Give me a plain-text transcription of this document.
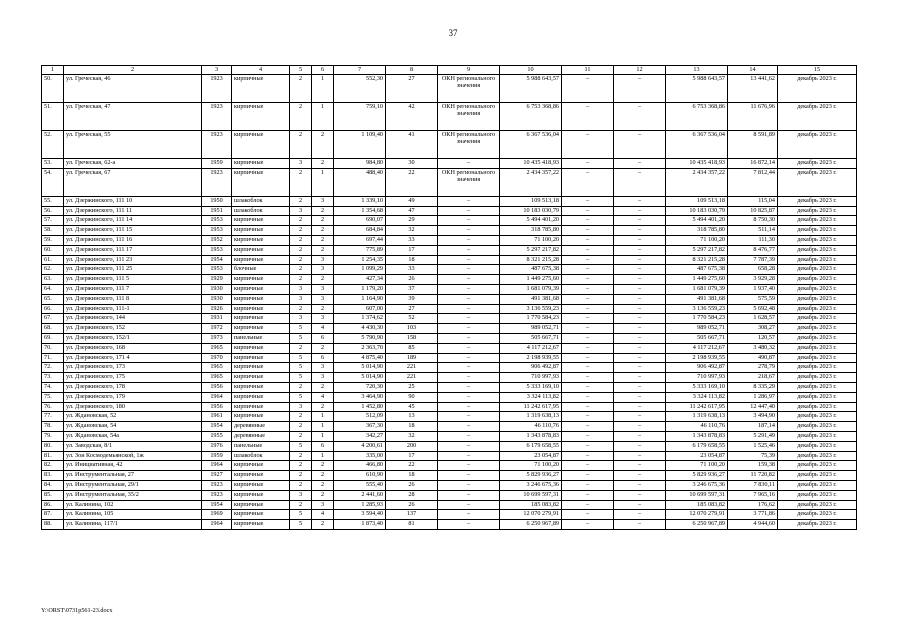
37
1	2	3	4	5	6	7	8	9	10	11	12	13	14	15
50.	ул. Греческая, 46	1923	кирпичные	2	1	552,30	27	ОКН регионального значения	5 988 643,57	–	–	5 988 643,57	13 441,62	декабрь 2023 г.
51.	ул. Греческая, 47	1923	кирпичные	2	1	759,10	42	ОКН регионального значения	6 753 368,86	–	–	6 753 368,86	11 676,96	декабрь 2023 г.
52.	ул. Греческая, 55	1923	кирпичные	2	2	1 109,40	41	ОКН регионального значения	6 367 536,04	–	–	6 367 536,04	8 591,89	декабрь 2023 г.
53.	ул. Греческая, 62-а	1959	кирпичные	3	2	984,80	30	–	10 435 418,93	–	–	10 435 418,93	16 872,14	декабрь 2023 г.
54.	ул. Греческая, 67	1923	кирпичные	2	1	488,40	22	ОКН регионального значения	2 434 357,22	–	–	2 434 357,22	7 812,44	декабрь 2023 г.
55.	ул. Дзержинского, 111 10	1950	шлакоблок	2	3	1 339,10	49	–	109 513,18	–	–	109 513,18	115,04	декабрь 2023 г.
56.	ул. Дзержинского, 111 11	1951	шлакоблок	3	2	1 354,68	47	–	10 183 030,79	–	–	10 183 030,79	10 825,87	декабрь 2023 г.
57.	ул. Дзержинского, 111 14	1953	кирпичные	2	2	690,07	29	–	5 494 401,20	–	–	5 494 401,20	8 750,30	декабрь 2023 г.
58.	ул. Дзержинского, 111 15	1953	кирпичные	2	2	684,84	32	–	318 785,80	–	–	318 785,80	511,14	декабрь 2023 г.
59.	ул. Дзержинского, 111 16	1952	кирпичные	2	2	697,44	33	–	71 100,20	–	–	71 100,20	111,30	декабрь 2023 г.
60.	ул. Дзержинского, 111 17	1953	кирпичные	2	2	775,89	17	–	5 297 217,82	–	–	5 297 217,82	8 476,77	декабрь 2023 г.
61.	ул. Дзержинского, 111 23	1954	кирпичные	2	3	1 254,35	18	–	8 321 215,28	–	–	8 321 215,28	7 787,39	декабрь 2023 г.
62.	ул. Дзержинского, 111 25	1953	блочные	2	3	1 099,29	33	–	487 675,38	–	–	487 675,38	658,28	декабрь 2023 г.
63.	ул. Дзержинского, 111 5	1929	кирпичные	2	2	427,34	26	–	1 449 275,60	–	–	1 449 275,60	3 929,28	декабрь 2023 г.
64.	ул. Дзержинского, 111 7	1930	кирпичные	3	3	1 179,20	37	–	1 681 079,39	–	–	1 681 079,39	1 937,40	декабрь 2023 г.
65.	ул. Дзержинского, 111 8	1930	кирпичные	3	3	1 164,90	39	–	491 381,68	–	–	491 381,68	575,59	декабрь 2023 г.
66.	ул. Дзержинского, 111-1	1926	кирпичные	2	2	607,00	27	–	3 136 559,23	–	–	3 136 559,23	5 692,48	декабрь 2023 г.
67.	ул. Дзержинского, 144	1931	кирпичные	3	3	1 374,62	52	–	1 770 584,23	–	–	1 770 584,23	1 628,57	декабрь 2023 г.
68.	ул. Дзержинского, 152	1972	кирпичные	5	4	4 430,30	103	–	989 052,71	–	–	989 052,71	308,27	декабрь 2023 г.
69.	ул. Дзержинского, 152/1	1973	панельные	5	6	5 790,90	158	–	505 667,71	–	–	505 667,71	120,57	декабрь 2023 г.
70.	ул. Дзержинского, 168	1965	кирпичные	2	2	2 363,70	85	–	4 117 212,67	–	–	4 117 212,67	3 480,32	декабрь 2023 г.
71.	ул. Дзержинского, 171 4	1970	кирпичные	5	6	4 875,40	189	–	2 198 939,55	–	–	2 198 939,55	490,87	декабрь 2023 г.
72.	ул. Дзержинского, 173	1965	кирпичные	5	3	5 014,90	221	–	906 492,87	–	–	906 492,87	278,79	декабрь 2023 г.
73.	ул. Дзержинского, 175	1965	кирпичные	5	3	5 014,90	221	–	710 997,93	–	–	710 997,93	218,67	декабрь 2023 г.
74.	ул. Дзержинского, 178	1956	кирпичные	2	2	720,30	25	–	5 333 169,10	–	–	5 333 169,10	8 335,29	декабрь 2023 г.
75.	ул. Дзержинского, 179	1964	кирпичные	5	4	3 464,90	90	–	3 324 113,82	–	–	3 324 113,82	1 286,97	декабрь 2023 г.
76.	ул. Дзержинского, 180	1956	кирпичные	3	2	1 452,80	45	–	11 242 617,95	–	–	11 242 617,95	12 447,40	декабрь 2023 г.
77.	ул. Ждановская, 52	1961	кирпичные	2	1	512,09	13	–	1 319 638,13	–	–	1 319 638,13	3 494,90	декабрь 2023 г.
78.	ул. Ждановская, 54	1954	деревянные	2	1	367,30	18	–	46 110,76	–	–	46 110,76	187,14	декабрь 2023 г.
79.	ул. Ждановская, 54а	1955	деревянные	2	1	342,27	32	–	1 343 878,83	–	–	1 343 878,83	5 291,49	декабрь 2023 г.
80.	ул. Заводская, 8/1	1976	панельные	5	6	4 200,61	200	–	6 179 658,55	–	–	6 179 658,55	1 525,46	декабрь 2023 г.
81.	ул. Зои Космодемьянской, 1ж	1959	шлакоблок	2	1	335,00	17	–	23 054,87	–	–	23 054,87	75,39	декабрь 2023 г.
82.	ул. Инициативная, 42	1964	кирпичные	2	2	466,80	22	–	71 100,20	–	–	71 100,20	159,38	декабрь 2023 г.
83.	ул. Инструментальная, 27	1927	кирпичные	2	2	610,90	18	–	5 829 936,27	–	–	5 829 936,27	11 720,82	декабрь 2023 г.
84.	ул. Инструментальная, 29/1	1923	кирпичные	2	2	555,40	26	–	3 246 675,36	–	–	3 246 675,36	7 830,11	декабрь 2023 г.
85.	ул. Инструментальная, 35/2	1923	кирпичные	3	2	2 441,60	28	–	10 699 597,31	–	–	10 699 597,31	7 965,16	декабрь 2023 г.
86.	ул. Калинина, 102	1954	кирпичные	2	3	1 285,93	26	–	185 083,82	–	–	185 083,82	176,62	декабрь 2023 г.
87.	ул. Калинина, 105	1969	кирпичные	5	4	3 594,40	137	–	12 070 279,91	–	–	12 070 279,91	3 771,86	декабрь 2023 г.
88.	ул. Калинина, 117/1	1964	кирпичные	5	2	1 873,40	81	–	6 250 967,89	–	–	6 250 967,89	4 944,60	декабрь 2023 г.
Y:\ORST\0731p561-23.docx
